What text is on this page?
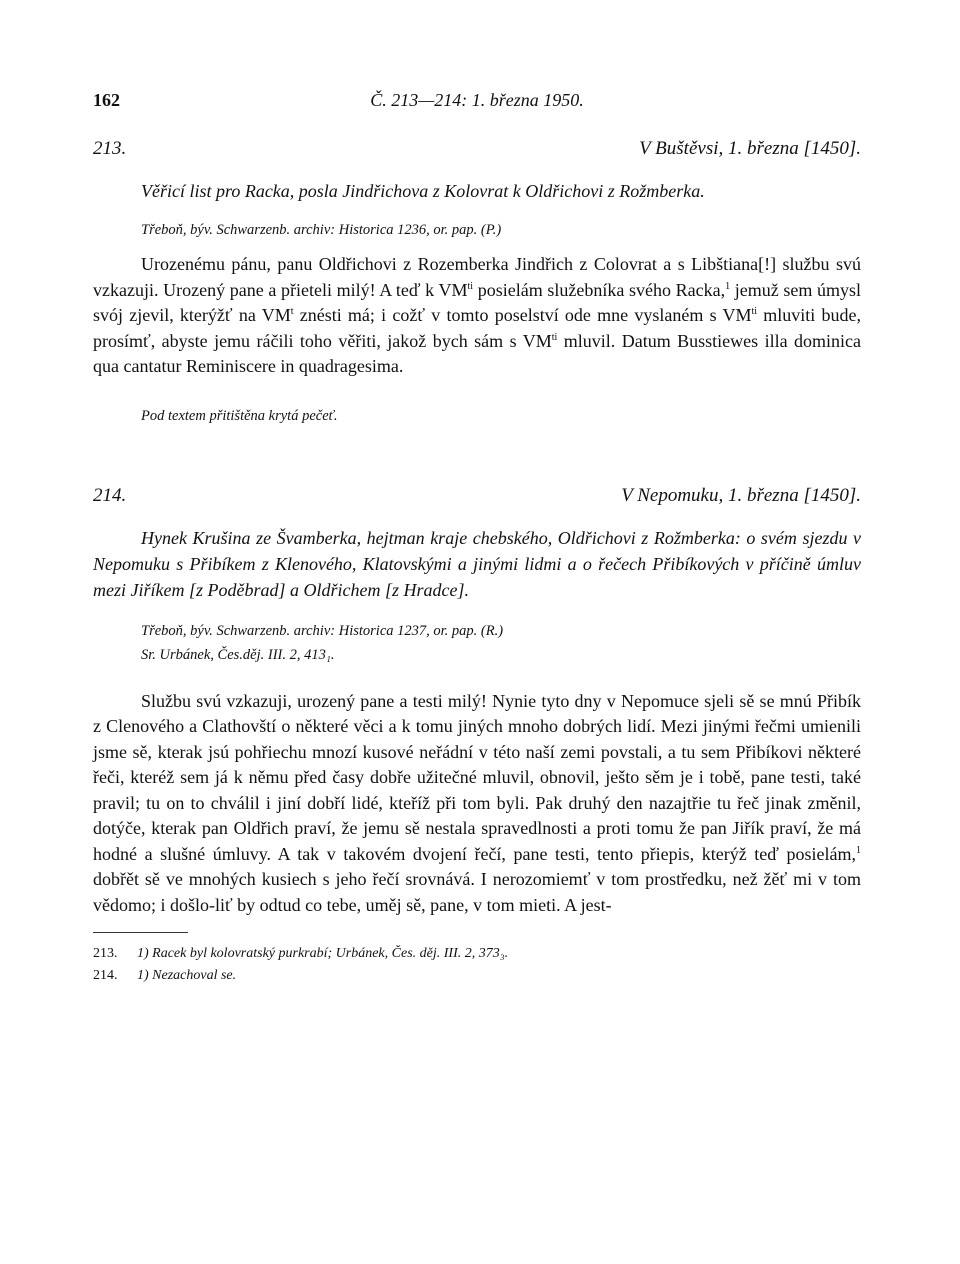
162	Č. 213—214: 1. března 1950.
213.	V Buštěvsi, 1. března [1450].

Věřicí list pro Racka, posla Jindřichova z Kolovrat k Oldřichovi z Rožmberka.

Třeboň, býv. Schwarzenb. archiv: Historica 1236, or. pap. (P.)

Urozenému pánu, panu Oldřichovi z Rozemberka Jindřich z Colovrat a s Libštiana[!] službu svú vzkazuji. Urozený pane a přieteli milý! A teď k $VM^{ti}$ posielám služebníka svého Racka,$^1$ jemuž sem úmysl svój zjevil, kterýžť na $VM^t$ znésti má; i cožť v tomto poselství ode mne vyslaném s $VM^{ti}$ mluviti bude, prosímť, abyste jemu ráčili toho věřiti, jakož bych sám s $VM^{ti}$ mluvil. Datum Busstiewes illa dominica qua cantatur Reminiscere in quadragesima.

Pod textem přitištěna krytá pečeť.

214.	V Nepomuku, 1. března [1450].

Hynek Krušina ze Švamberka, hejtman kraje chebského, Oldřichovi z Rožmberka: o svém sjezdu v Nepomuku s Přibíkem z Klenového, Klatovskými a jinými lidmi a o řečech Přibíkových v příčině úmluv mezi Jiříkem [z Poděbrad] a Oldřichem [z Hradce].

Třeboň, býv. Schwarzenb. archiv: Historica 1237, or. pap. (R.)

Sr. Urbánek, Čes.děj. III. 2, 413₁.

Službu svú vzkazuji, urozený pane a testi milý! Nynie tyto dny v Nepomuce sjeli sě se mnú Přibík z Clenového a Clathovští o některé věci a k tomu jiných mnoho dobrých lidí. Mezi jinými řečmi umienili jsme sě, kterak jsú pohřiechu mnozí kusové neřádní v této naší zemi povstali, a tu sem Přibíkovi některé řeči, kteréž sem já k němu před časy dobře užitečné mluvil, obnovil, ješto sěm je i tobě, pane testi, také pravil; tu on to chválil i jiní dobří lidé, kteříž při tom byli. Pak druhý den nazajtřie tu řeč jinak změnil, dotýče, kterak pan Oldřich praví, že jemu sě nestala spravedlnosti a proti tomu že pan Jiřík praví, že má hodné a slušné úmluvy. A tak v takovém dvojení řečí, pane testi, tento přiepis, kterýž teď posielám,$^1$ dobřět sě ve mnohých kusiech s jeho řečí srovnává. I nerozomiemť v tom prostředku, než žěť mi v tom vědomo; i došlo-liť by odtud co tebe, uměj sě, pane, v tom mieti. A jest-

213. 1) Racek byl kolovratský purkrabí; Urbánek, Čes. děj. III. 2, 373₃.

214. 1) Nezachoval se.
